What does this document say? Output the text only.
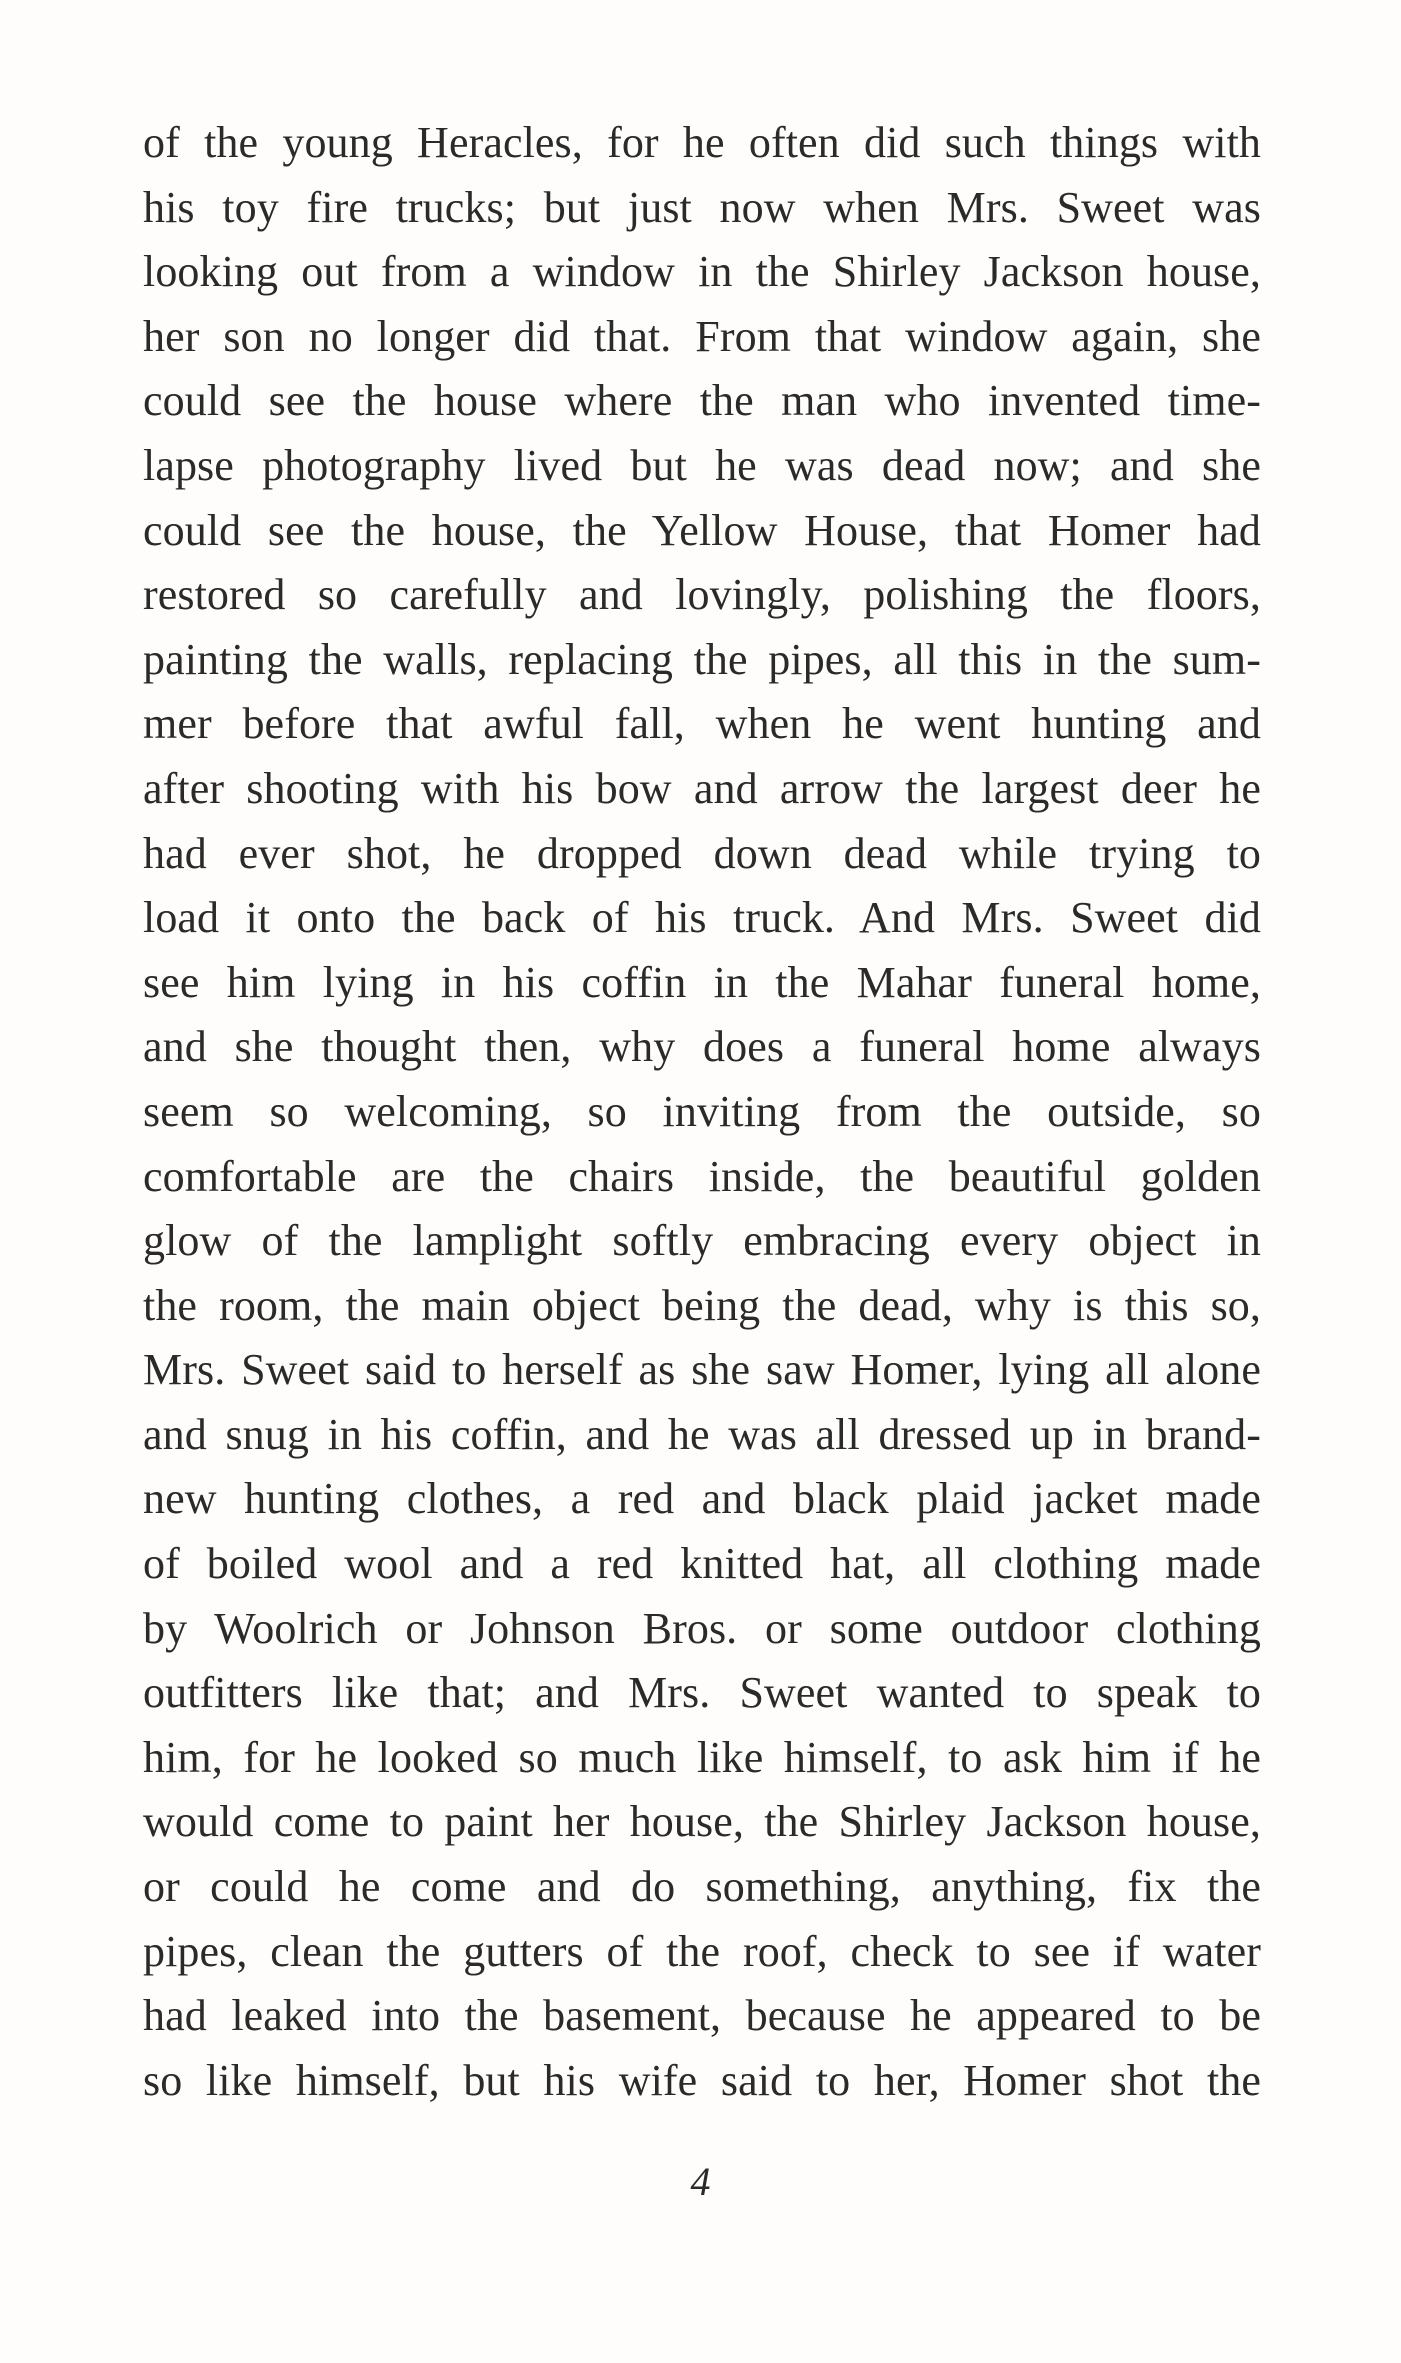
of the young Heracles, for he often did such things with
his toy fire trucks; but just now when Mrs. Sweet was
looking out from a window in the Shirley Jackson house,
her son no longer did that. From that window again, she
could see the house where the man who invented time-
lapse photography lived but he was dead now; and she
could see the house, the Yellow House, that Homer had
restored so carefully and lovingly, polishing the floors,
painting the walls, replacing the pipes, all this in the sum-
mer before that awful fall, when he went hunting and
after shooting with his bow and arrow the largest deer he
had ever shot, he dropped down dead while trying to
load it onto the back of his truck. And Mrs. Sweet did
see him lying in his coffin in the Mahar funeral home,
and she thought then, why does a funeral home always
seem so welcoming, so inviting from the outside, so
comfortable are the chairs inside, the beautiful golden
glow of the lamplight softly embracing every object in
the room, the main object being the dead, why is this so,
Mrs. Sweet said to herself as she saw Homer, lying all alone
and snug in his coffin, and he was all dressed up in brand-
new hunting clothes, a red and black plaid jacket made
of boiled wool and a red knitted hat, all clothing made
by Woolrich or Johnson Bros. or some outdoor clothing
outfitters like that; and Mrs. Sweet wanted to speak to
him, for he looked so much like himself, to ask him if he
would come to paint her house, the Shirley Jackson house,
or could he come and do something, anything, fix the
pipes, clean the gutters of the roof, check to see if water
had leaked into the basement, because he appeared to be
so like himself, but his wife said to her, Homer shot the
4
